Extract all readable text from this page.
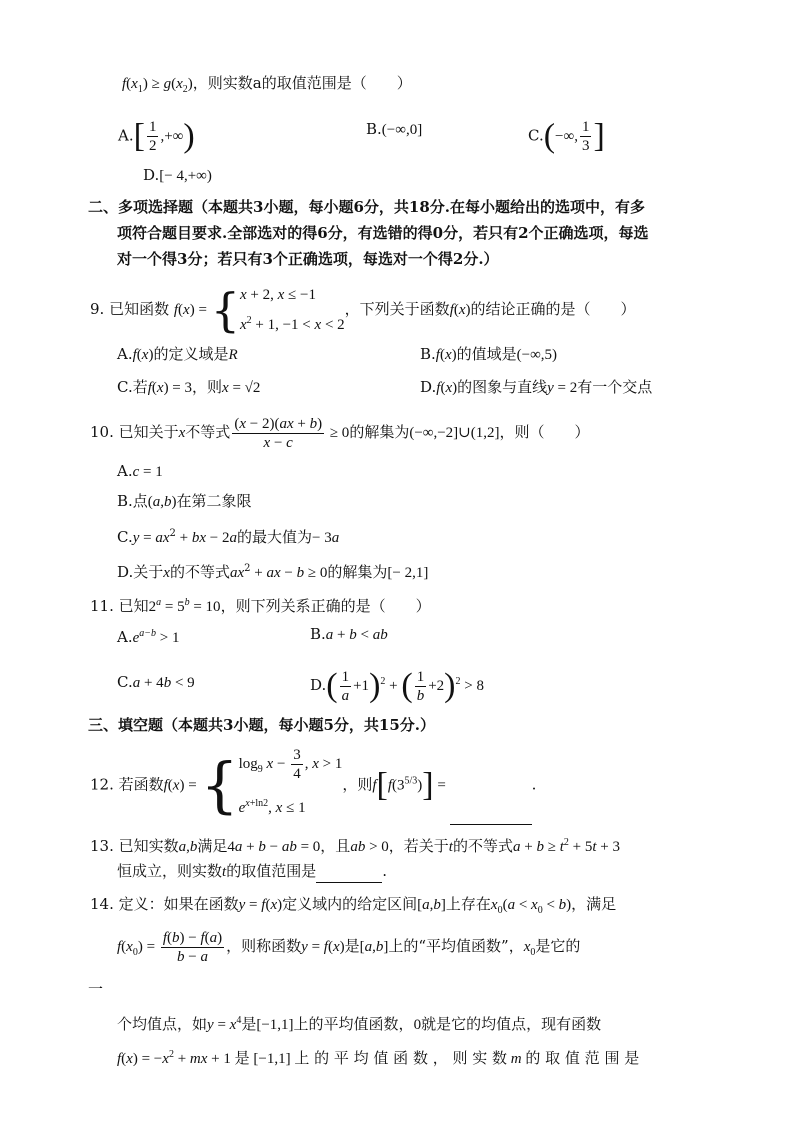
$f(x_1) \ge g(x_2)$，则实数a的取值范围是（　　）
$A.[ \frac{1}{2}$ ,+∞)	B.(−∞,0]	C.(−∞, $\frac{1}{3}$ ]
D.[− 4,+∞)
二、多项选择题（本题共3小题，每小题6分，共18分.在每小题给出的选项中，有多
项符合题目要求.全部选对的得6分，有选错的得0分，若只有2个正确选项，每选
对一个得3分；若只有3个正确选项，每选对一个得2分.）
9. 已知函数 f(x) = { x + 2, x ≤ −1
$x^2 + 1$, −1 < x < 2
，下列关于函数f(x)的结论正确的是（　　）
A.f(x)的定义域是R	B.f(x)的值域是(−∞,5)
C.若f(x) = 3，则x = √2	D.f(x)的图象与直线y = 2有一个交点
10. 已知关于x不等式 $\frac{(x - 2)(ax + b)}{x - c} \ge 0$的解集为(−∞,−2]∪(1,2]，则（　　）
A.c = 1
B.点(a,b)在第二象限
$C.y = ax^2$ + bx − 2a的最大值为− 3a
D.关于x的不等式$ax^2$ + ax − b ≥ 0的解集为[− 2,1]
11. 已知$2^a = 5^b = 10$，则下列关系正确的是（　　）
$A.e^{a-b} > 1$	B.a + b < ab
C.a + 4b < 9	$D.( \frac{1}{a} +1)^2$ + ( $\frac{1}{b} +2)^2 > 8$
三、填空题（本题共3小题，每小题5分，共15分.）
12. 若函数f(x) = { $\log_9 x - \frac{3}{4}$ , x > 1
$e^{x+ln2}$, x ≤ 1
，则$f[f(3^{5/3})]$ =	.
13. 已知实数a,b满足4a + b − ab = 0，且ab > 0，若关于t的不等式$a + b \ge t^2 + 5t + 3$
恒成立，则实数t的取值范围是	.
14. 定义：如果在函数y = f(x)定义域内的给定区间[a,b]上存在$x_0(a < x_0 < b)$，满足
$f(x_0) = \frac{f(b) - f(a)}{b - a}$ ，则称函数y = f(x)是[a,b]上的“平均值函数”，$x_0$是它的
一
个均值点，如$y = x^4$是[−1,1]上的平均值函数，0就是它的均值点，现有函数
$f(x) = -x^2$ + mx + 1 是 [−1,1] 上 的 平 均 值 函 数 ， 则 实 数 m 的 取 值 范 围 是
